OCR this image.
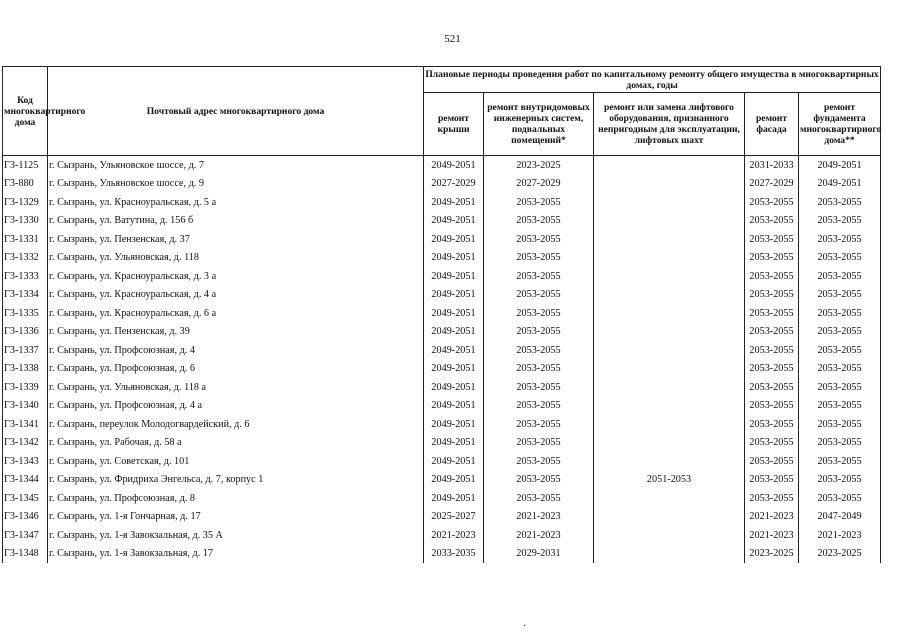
521
Код многоквартирного дома	Почтовый адрес многоквартирного дома	Плановые периоды проведения работ по капитальному ремонту общего имущества в многоквартирных домах, годы				
		ремонт крыши	ремонт внутридомовых инженерных систем, подвальных помещений*	ремонт или замена лифтового оборудования, признанного непригодным для эксплуатации, лифтовых шахт	ремонт фасада	ремонт фундамента многоквартирного дома**
Г3-1125	г. Сызрань, Ульяновское шоссе, д. 7	2049-2051	2023-2025		2031-2033	2049-2051
Г3-880	г. Сызрань, Ульяновское шоссе, д. 9	2027-2029	2027-2029		2027-2029	2049-2051
Г3-1329	г. Сызрань, ул. Красноуральская, д. 5 а	2049-2051	2053-2055		2053-2055	2053-2055
Г3-1330	г. Сызрань, ул. Ватутина, д. 156 б	2049-2051	2053-2055		2053-2055	2053-2055
Г3-1331	г. Сызрань, ул. Пензенская, д. 37	2049-2051	2053-2055		2053-2055	2053-2055
Г3-1332	г. Сызрань, ул. Ульяновская, д. 118	2049-2051	2053-2055		2053-2055	2053-2055
Г3-1333	г. Сызрань, ул. Красноуральская, д. 3 а	2049-2051	2053-2055		2053-2055	2053-2055
Г3-1334	г. Сызрань, ул. Красноуральская, д. 4 а	2049-2051	2053-2055		2053-2055	2053-2055
Г3-1335	г. Сызрань, ул. Красноуральская, д. 6 а	2049-2051	2053-2055		2053-2055	2053-2055
Г3-1336	г. Сызрань, ул. Пензенская, д. 39	2049-2051	2053-2055		2053-2055	2053-2055
Г3-1337	г. Сызрань, ул. Профсоюзная, д. 4	2049-2051	2053-2055		2053-2055	2053-2055
Г3-1338	г. Сызрань, ул. Профсоюзная, д. 6	2049-2051	2053-2055		2053-2055	2053-2055
Г3-1339	г. Сызрань, ул. Ульяновская, д. 118 а	2049-2051	2053-2055		2053-2055	2053-2055
Г3-1340	г. Сызрань, ул. Профсоюзная, д. 4 а	2049-2051	2053-2055		2053-2055	2053-2055
Г3-1341	г. Сызрань, переулок Молодогвардейский, д. 6	2049-2051	2053-2055		2053-2055	2053-2055
Г3-1342	г. Сызрань, ул. Рабочая, д. 58 а	2049-2051	2053-2055		2053-2055	2053-2055
Г3-1343	г. Сызрань, ул. Советская, д. 101	2049-2051	2053-2055		2053-2055	2053-2055
Г3-1344	г. Сызрань, ул. Фридриха Энгельса, д. 7, корпус 1	2049-2051	2053-2055	2051-2053	2053-2055	2053-2055
Г3-1345	г. Сызрань, ул. Профсоюзная, д. 8	2049-2051	2053-2055		2053-2055	2053-2055
Г3-1346	г. Сызрань, ул. 1-я Гончарная, д. 17	2025-2027	2021-2023		2021-2023	2047-2049
Г3-1347	г. Сызрань, ул. 1-я Завокзальная, д. 35 А	2021-2023	2021-2023		2021-2023	2021-2023
Г3-1348	г. Сызрань, ул. 1-я Завокзальная, д. 17	2033-2035	2029-2031		2023-2025	2023-2025
·
